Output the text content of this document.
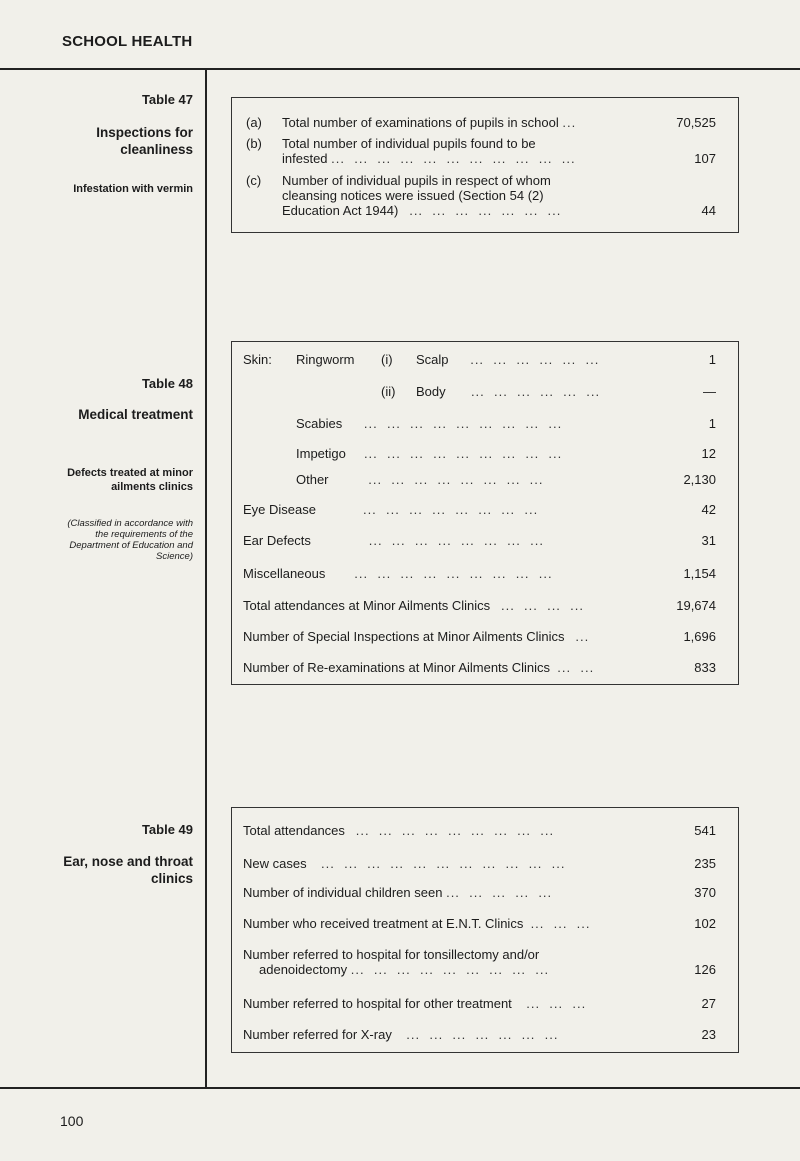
SCHOOL HEALTH
Table 47
Inspections for cleanliness
Infestation with vermin
(a) Total number of examinations of pupils in school ...	70,525
(b) Total number of individual pupils found to be
infested ...  ...  ...  ...  ...  ...  ...  ...  ...  ...  ...	107
(c) Number of individual pupils in respect of whom
cleansing notices were issued (Section 54 (2)
Education Act 1944) ...  ...  ...  ...  ...  ...  ...	44
Table 48
Medical treatment
Defects treated at minor ailments clinics
(Classified in accordance with the requirements of the Department of Education and Science)
Skin: Ringworm (i) Scalp ...  ...  ...  ...  ...  ...	1
(ii) Body ...  ...  ...  ...  ...  ...	—
Scabies ...  ...  ...  ...  ...  ...  ...  ...  ...	1
Impetigo ...  ...  ...  ...  ...  ...  ...  ...  ...	12
Other	...  ...  ...  ...  ...  ...  ...  ...	2,130
Eye Disease	...  ...  ...  ...  ...  ...  ...  ...	42
Ear Defects	...  ...  ...  ...  ...  ...  ...  ...	31
Miscellaneous ...  ...  ...  ...  ...  ...  ...  ...  ...	1,154
Total attendances at Minor Ailments Clinics ...  ...  ...  ...	19,674
Number of Special Inspections at Minor Ailments Clinics ...	1,696
Number of Re-examinations at Minor Ailments Clinics ...  ...	833
Table 49
Ear, nose and throat clinics
Total attendances ...  ...  ...  ...  ...  ...  ...  ...  ...	541
New cases ...  ...  ...  ...  ...  ...  ...  ...  ...  ...  ...	235
Number of individual children seen ...  ...  ...  ...  ...	370
Number who received treatment at E.N.T. Clinics ...  ...  ...	102
Number referred to hospital for tonsillectomy and/or
adenoidectomy ...  ...  ...  ...  ...  ...  ...  ...  ...	126
Number referred to hospital for other treatment ...  ...  ...	27
Number referred for X-ray ...  ...  ...  ...  ...  ...  ...	23
100
